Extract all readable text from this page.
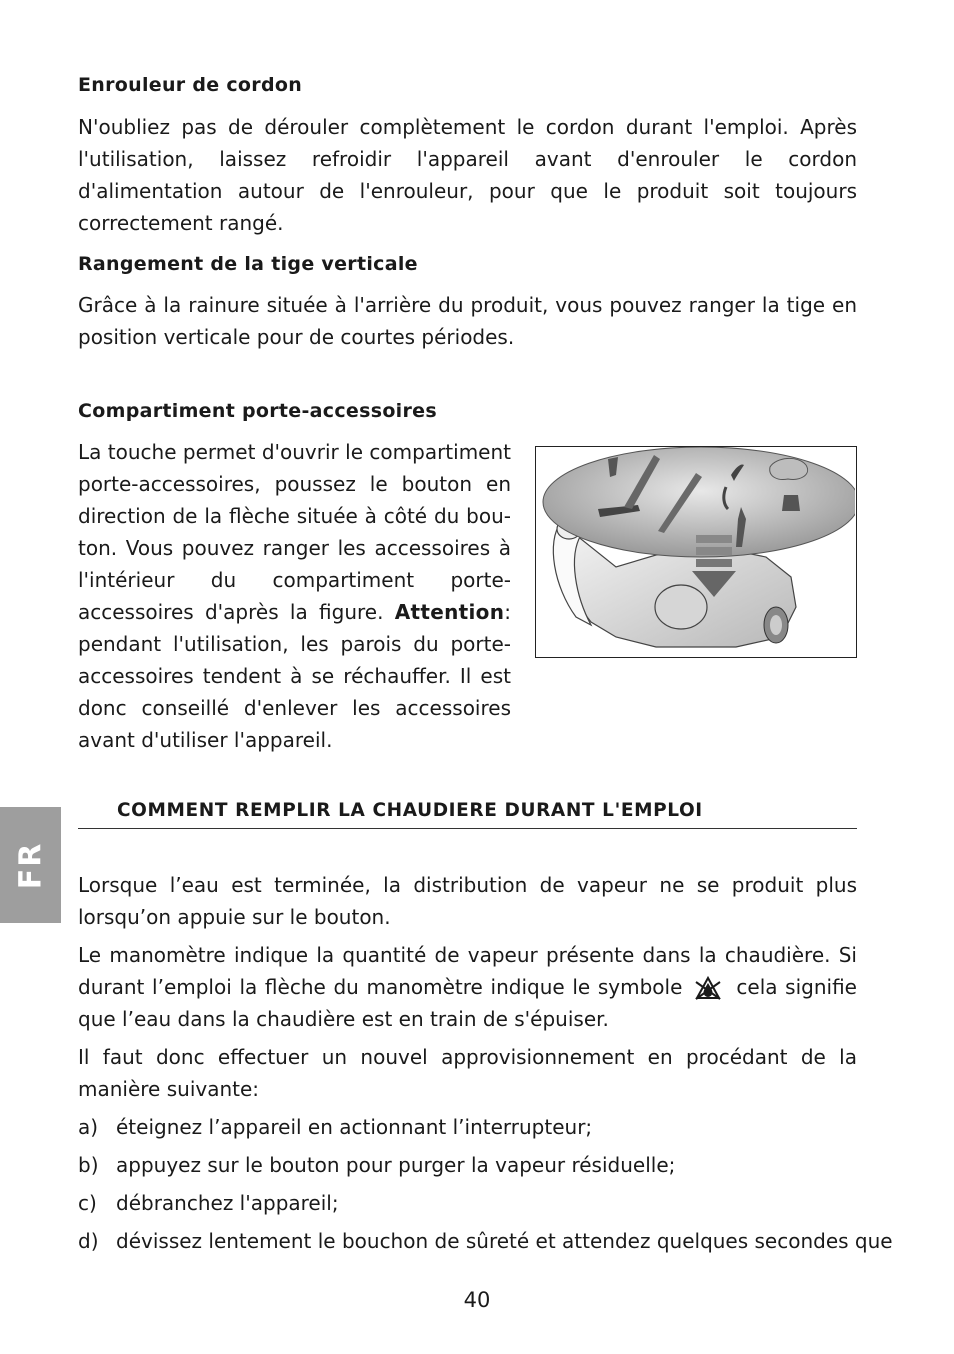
FR
Enrouleur de cordon

N'oubliez pas de dérouler complètement le cordon durant l'emploi. Après l'utilisation, laissez refroidir l'appareil avant d'enrouler le cordon d'alimentation autour de l'enrouleur, pour que le produit soit toujours correctement rangé.

Rangement de la tige verticale

Grâce à la rainure située à l'arrière du produit, vous pouvez ranger la tige en position verticale pour de courtes périodes.

Compartiment porte-accessoires

La touche permet d'ouvrir le compartiment porte-accessoires, poussez le bouton en direction de la flèche située à côté du bouton. Vous pouvez ranger les accessoires à l'intérieur du compartiment porte-accessoires d'après la figure. Attention: pendant l'utilisation, les parois du porte-accessoires tendent à se réchauffer. Il est donc conseillé d'enlever les accessoires avant d'utiliser l'appareil.

COMMENT REMPLIR LA CHAUDIERE DURANT L'EMPLOI

Lorsque l’eau est terminée, la distribution de vapeur ne se produit plus lorsqu’on appuie sur le bouton.

Le manomètre indique la quantité de vapeur présente dans la chaudière. Si durant l’emploi la flèche du manomètre indique le symbole	cela signifie que l’eau dans la chaudière est en train de s'épuiser.

Il faut donc effectuer un nouvel approvisionnement en procédant de la manière suivante:

a) éteignez l’appareil en actionnant l’interrupteur;
b) appuyez sur le bouton pour purger la vapeur résiduelle;
c) débranchez l'appareil;
d) dévissez lentement le bouchon de sûreté et attendez quelques secondes que
40
